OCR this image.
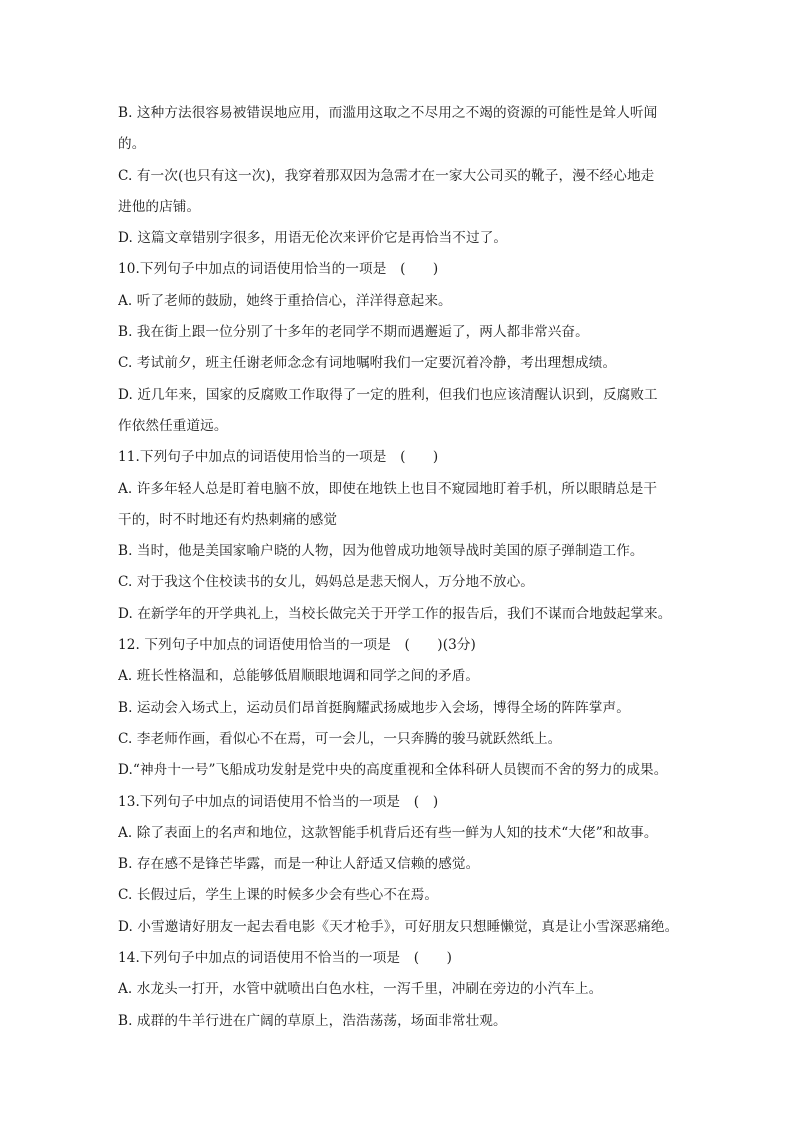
B. 这种方法很容易被错误地应用，而滥用这取之不尽用之不竭的资源的可能性是耸人听闻
的。
C. 有一次(也只有这一次)，我穿着那双因为急需才在一家大公司买的靴子，漫不经心地走
进他的店铺。
D. 这篇文章错别字很多，用语无伦次来评价它是再恰当不过了。
10.下列句子中加点的词语使用恰当的一项是　(　　)
A. 听了老师的鼓励，她终于重拾信心，洋洋得意起来。
B. 我在街上跟一位分别了十多年的老同学不期而遇邂逅了，两人都非常兴奋。
C. 考试前夕，班主任谢老师念念有词地嘱咐我们一定要沉着冷静，考出理想成绩。
D. 近几年来，国家的反腐败工作取得了一定的胜利，但我们也应该清醒认识到，反腐败工
作依然任重道远。
11.下列句子中加点的词语使用恰当的一项是　(　　)
A. 许多年轻人总是盯着电脑不放，即使在地铁上也目不窥园地盯着手机，所以眼睛总是干
干的，时不时地还有灼热刺痛的感觉
B. 当时，他是美国家喻户晓的人物，因为他曾成功地领导战时美国的原子弹制造工作。
C. 对于我这个住校读书的女儿，妈妈总是悲天悯人，万分地不放心。
D. 在新学年的开学典礼上，当校长做完关于开学工作的报告后，我们不谋而合地鼓起掌来。
12. 下列句子中加点的词语使用恰当的一项是　(　　)(3分)
A. 班长性格温和，总能够低眉顺眼地调和同学之间的矛盾。
B. 运动会入场式上，运动员们昂首挺胸耀武扬威地步入会场，博得全场的阵阵掌声。
C. 李老师作画，看似心不在焉，可一会儿，一只奔腾的骏马就跃然纸上。
D.“神舟十一号”飞船成功发射是党中央的高度重视和全体科研人员锲而不舍的努力的成果。
13.下列句子中加点的词语使用不恰当的一项是　(　)
A. 除了表面上的名声和地位，这款智能手机背后还有些一鲜为人知的技术“大佬”和故事。
B. 存在感不是锋芒毕露，而是一种让人舒适又信赖的感觉。
C. 长假过后，学生上课的时候多少会有些心不在焉。
D. 小雪邀请好朋友一起去看电影《天才枪手》，可好朋友只想睡懒觉，真是让小雪深恶痛绝。
14.下列句子中加点的词语使用不恰当的一项是　(　　)
A. 水龙头一打开，水管中就喷出白色水柱，一泻千里，冲刷在旁边的小汽车上。
B. 成群的牛羊行进在广阔的草原上，浩浩荡荡，场面非常壮观。
